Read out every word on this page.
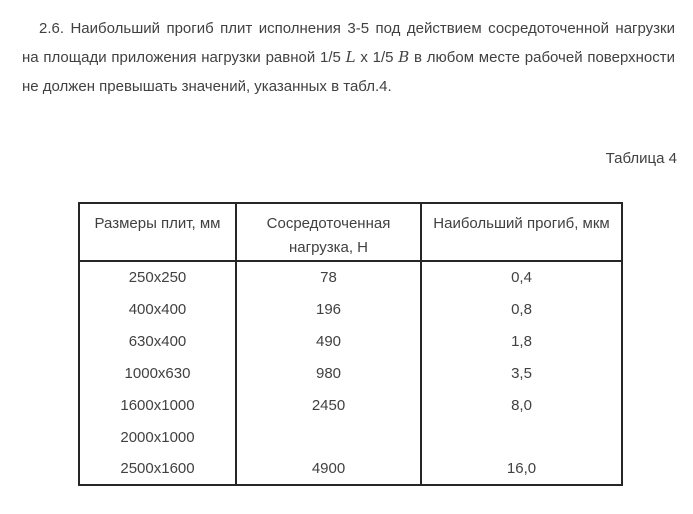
2.6. Наибольший прогиб плит исполнения 3-5 под действием сосредоточенной нагрузки на площади приложения нагрузки равной 1/5 L х 1/5 B в любом месте рабочей поверхности не должен превышать значений, указанных в табл.4.

Таблица 4
Размеры плит, мм	Сосредоточенная нагрузка, Н	Наибольший прогиб, мкм
250x250	78	0,4
400x400	196	0,8
630x400	490	1,8
1000x630	980	3,5
1600x1000	2450	8,0
2000x1000		
2500x1600	4900	16,0
